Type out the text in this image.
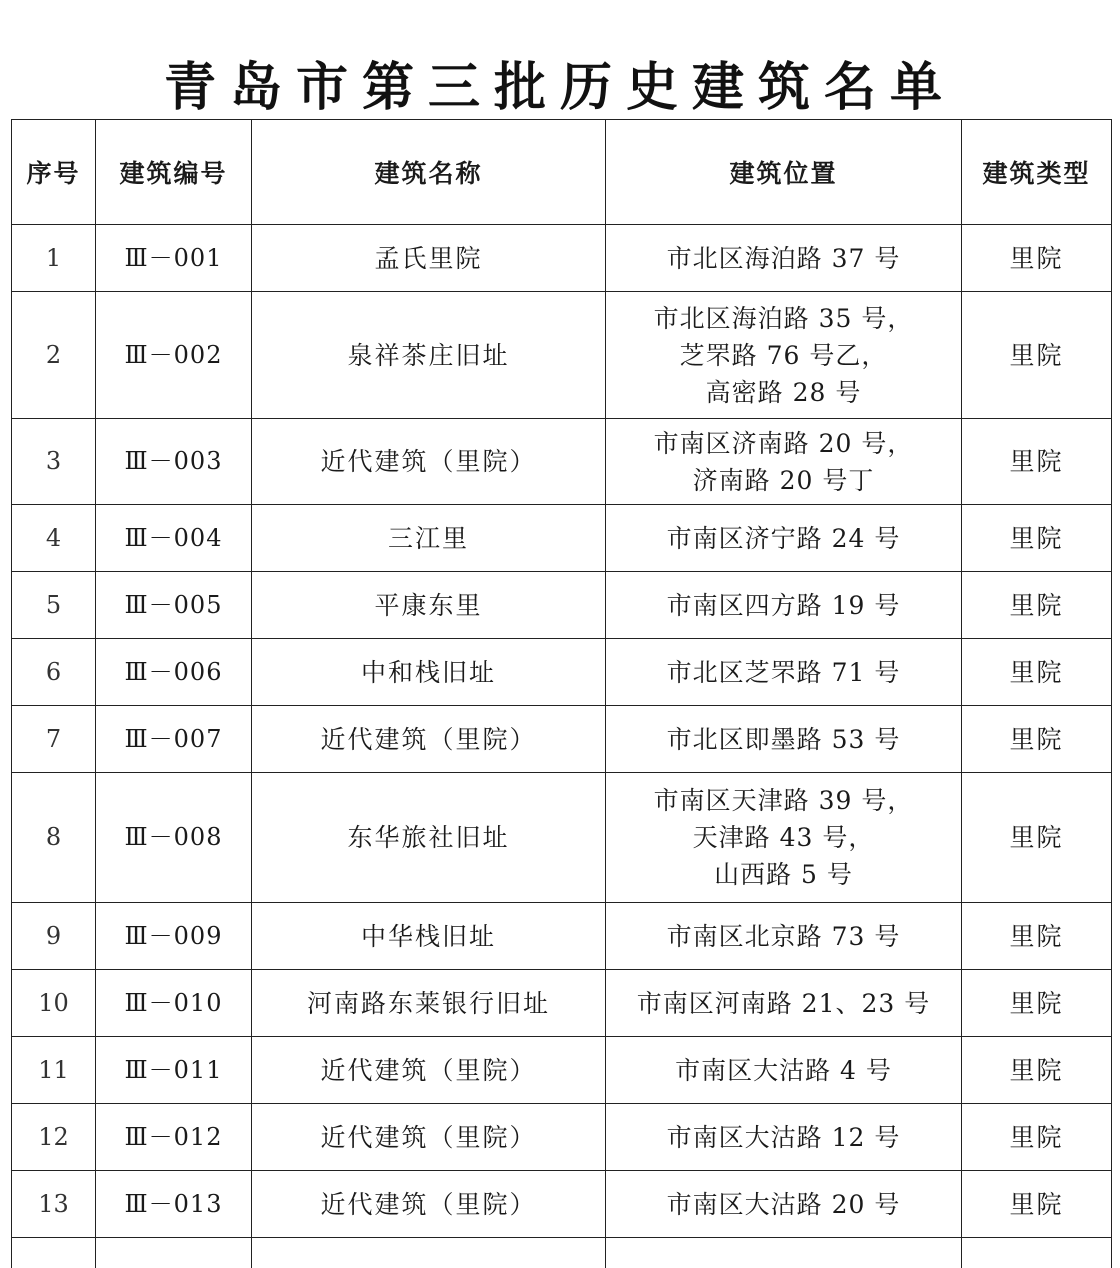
青岛市第三批历史建筑名单
序号	建筑编号	建筑名称	建筑位置	建筑类型
1	Ⅲ－001	孟氏里院	市北区海泊路 37 号	里院
2	Ⅲ－002	泉祥茶庄旧址	市北区海泊路 35 号，
芝罘路 76 号乙，
高密路 28 号	里院
3	Ⅲ－003	近代建筑（里院）	市南区济南路 20 号，
济南路 20 号丁	里院
4	Ⅲ－004	三江里	市南区济宁路 24 号	里院
5	Ⅲ－005	平康东里	市南区四方路 19 号	里院
6	Ⅲ－006	中和栈旧址	市北区芝罘路 71 号	里院
7	Ⅲ－007	近代建筑（里院）	市北区即墨路 53 号	里院
8	Ⅲ－008	东华旅社旧址	市南区天津路 39 号，
天津路 43 号，
山西路 5 号	里院
9	Ⅲ－009	中华栈旧址	市南区北京路 73 号	里院
10	Ⅲ－010	河南路东莱银行旧址	市南区河南路 21、23 号	里院
11	Ⅲ－011	近代建筑（里院）	市南区大沽路 4 号	里院
12	Ⅲ－012	近代建筑（里院）	市南区大沽路 12 号	里院
13	Ⅲ－013	近代建筑（里院）	市南区大沽路 20 号	里院
